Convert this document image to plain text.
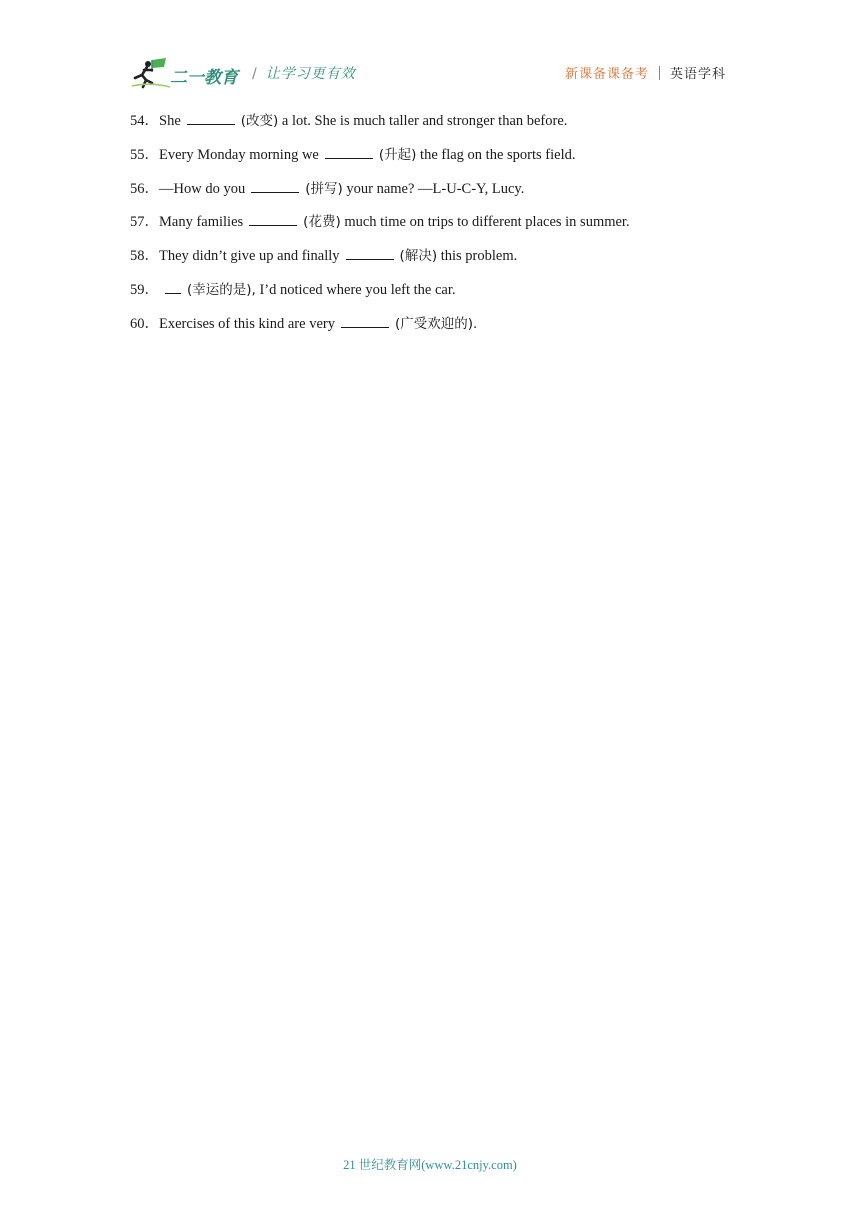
二一教育 / 让学习更有效	新课备课备考 英语学科
54．She	(改变) a lot. She is much taller and stronger than before.
55．Every Monday morning we	(升起) the flag on the sports field.
56．—How do you	(拼写) your name? —L-U-C-Y, Lucy.
57．Many families	(花费) much time on trips to different places in summer.
58．They didn’t give up and finally	(解决) this problem.
59． (幸运的是), I’d noticed where you left the car.
60．Exercises of this kind are very	(广受欢迎的).
21 世纪教育网(www.21cnjy.com)
